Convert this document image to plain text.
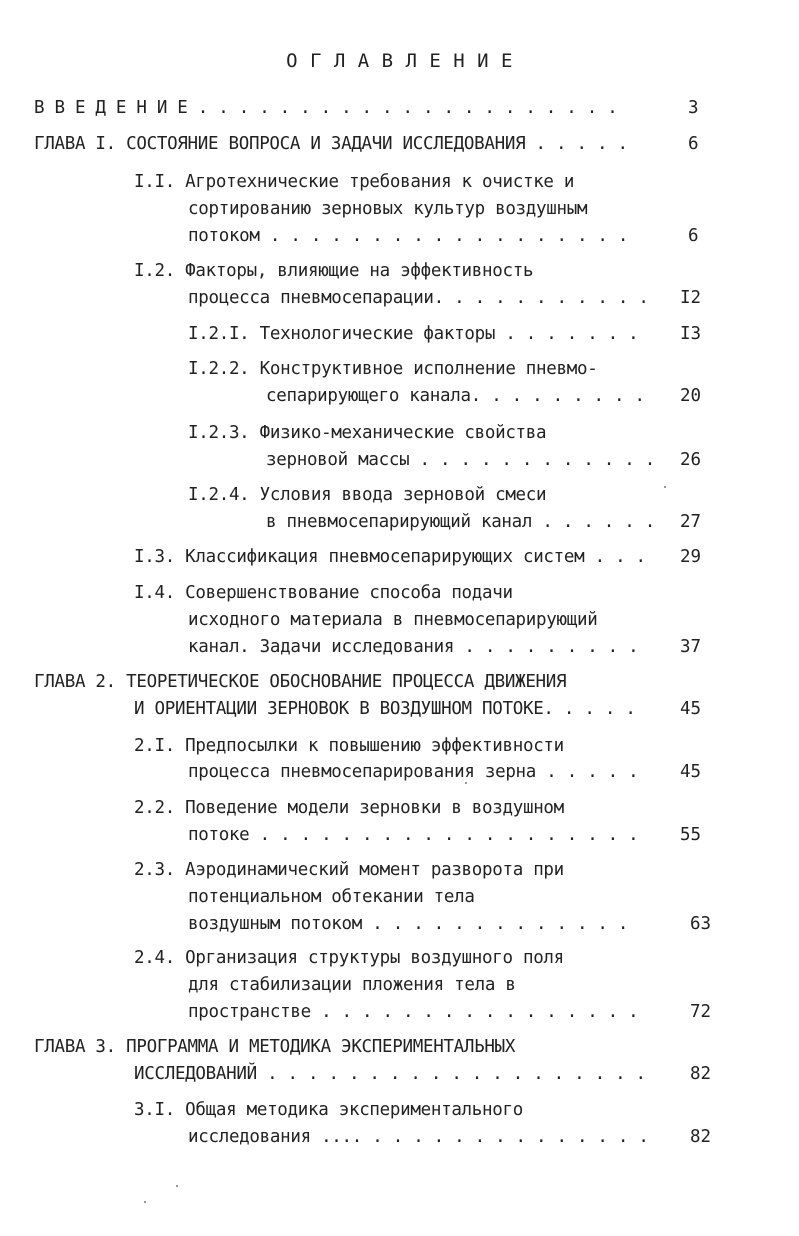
О Г Л А В Л Е Н И Е
В В Е Д Е Н И Е . . . . . . . . . . . . . . . . . . . . .	3
ГЛАВА I. СОСТОЯНИЕ ВОПРОСА И ЗАДАЧИ ИССЛЕДОВАНИЯ . . . . .	6
I.I. Агротехнические требования к очистке и
сортированию зерновых культур воздушным
потоком . . . . . . . . . . . . . . . . . .	6
I.2. Факторы, влияющие на эффективность
процесса пневмосепарации. . . . . . . . . . . I2
I.2.I. Технологические факторы . . . . . . . I3
I.2.2. Конструктивное исполнение пневмо-
сепарирующего канала. . . . . . . . . 20
I.2.3. Физико-механические свойства
зерновой массы . . . . . . . . . . . . 26
I.2.4. Условия ввода зерновой смеси
в пневмосепарирующий канал . . . . . . 27
I.3. Классификация пневмосепарирующих систем . . . 29
I.4. Совершенствование способа подачи
исходного материала в пневмосепарирующий
канал. Задачи исследования . . . . . . . . . 37
ГЛАВА 2. ТЕОРЕТИЧЕСКОЕ ОБОСНОВАНИЕ ПРОЦЕССА ДВИЖЕНИЯ
И ОРИЕНТАЦИИ ЗЕРНОВОК В ВОЗДУШНОМ ПОТОКЕ. . . . .	45
2.I. Предпосылки к повышению эффективности
процесса пневмосепарирования зерна . . . . . 45
2.2. Поведение модели зерновки в воздушном
потоке . . . . . . . . . . . . . . . . . . . 55
2.3. Аэродинамический момент разворота при
потенциальном обтекании тела
воздушным потоком . . . . . . . . . . . . .	63
2.4. Организация структуры воздушного поля
для стабилизации пложения тела в
пространстве . . . . . . . . . . . . . . . .	72
ГЛАВА 3. ПРОГРАММА И МЕТОДИКА ЭКСПЕРИМЕНТАЛЬНЫХ
ИССЛЕДОВАНИЙ . . . . . . . . . . . . . . . . . . .	82
3.I. Общая методика экспериментального
исследования .... . . . . . . . . . . . . . . 82
